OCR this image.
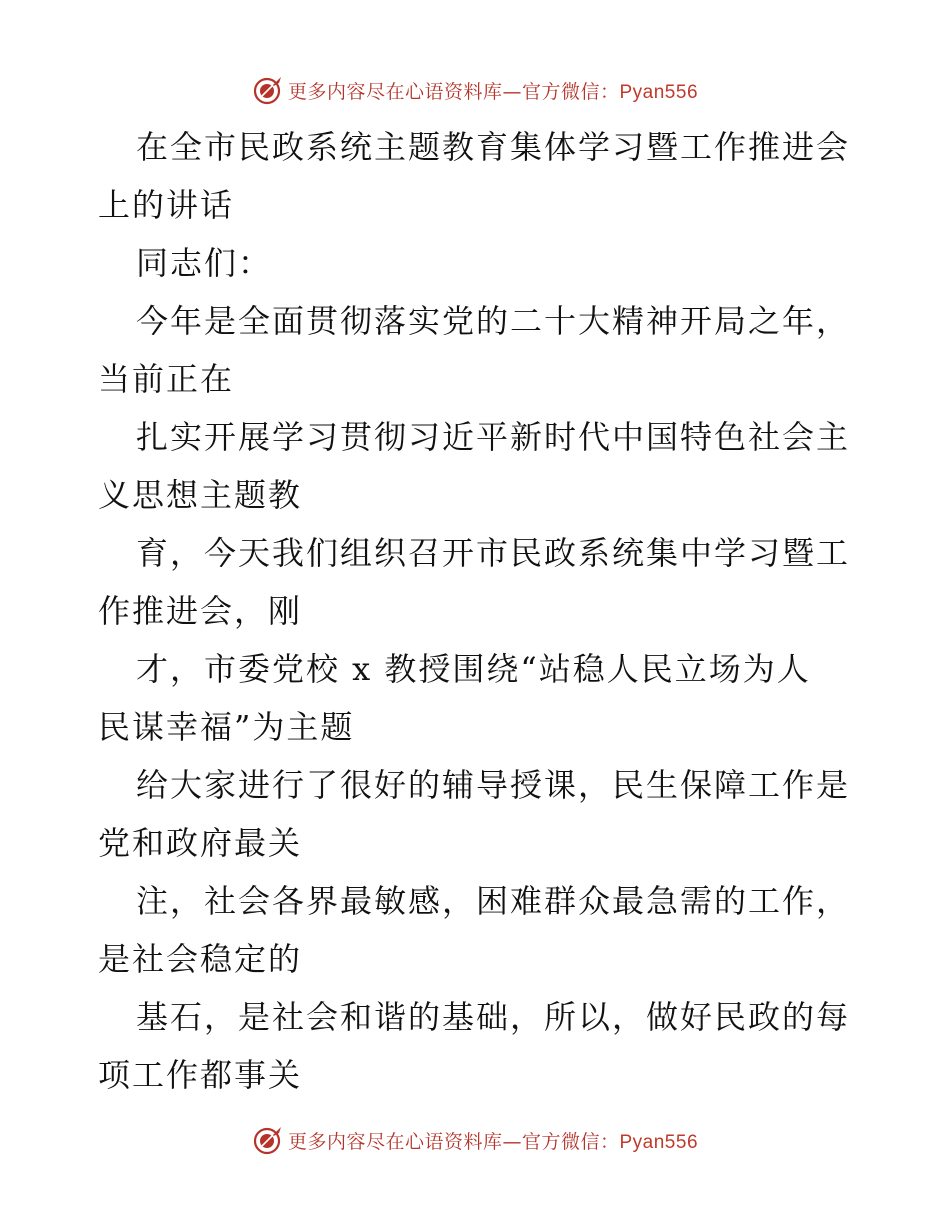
更多内容尽在心语资料库—官方微信：Pyan556
在全市民政系统主题教育集体学习暨工作推进会
上的讲话
同志们：
今年是全面贯彻落实党的二十大精神开局之年，
当前正在
扎实开展学习贯彻习近平新时代中国特色社会主
义思想主题教
育，今天我们组织召开市民政系统集中学习暨工
作推进会，刚
才，市委党校 x 教授围绕“站稳人民立场为人
民谋幸福”为主题
给大家进行了很好的辅导授课，民生保障工作是
党和政府最关
注，社会各界最敏感，困难群众最急需的工作，
是社会稳定的
基石，是社会和谐的基础，所以，做好民政的每
项工作都事关
更多内容尽在心语资料库—官方微信：Pyan556
